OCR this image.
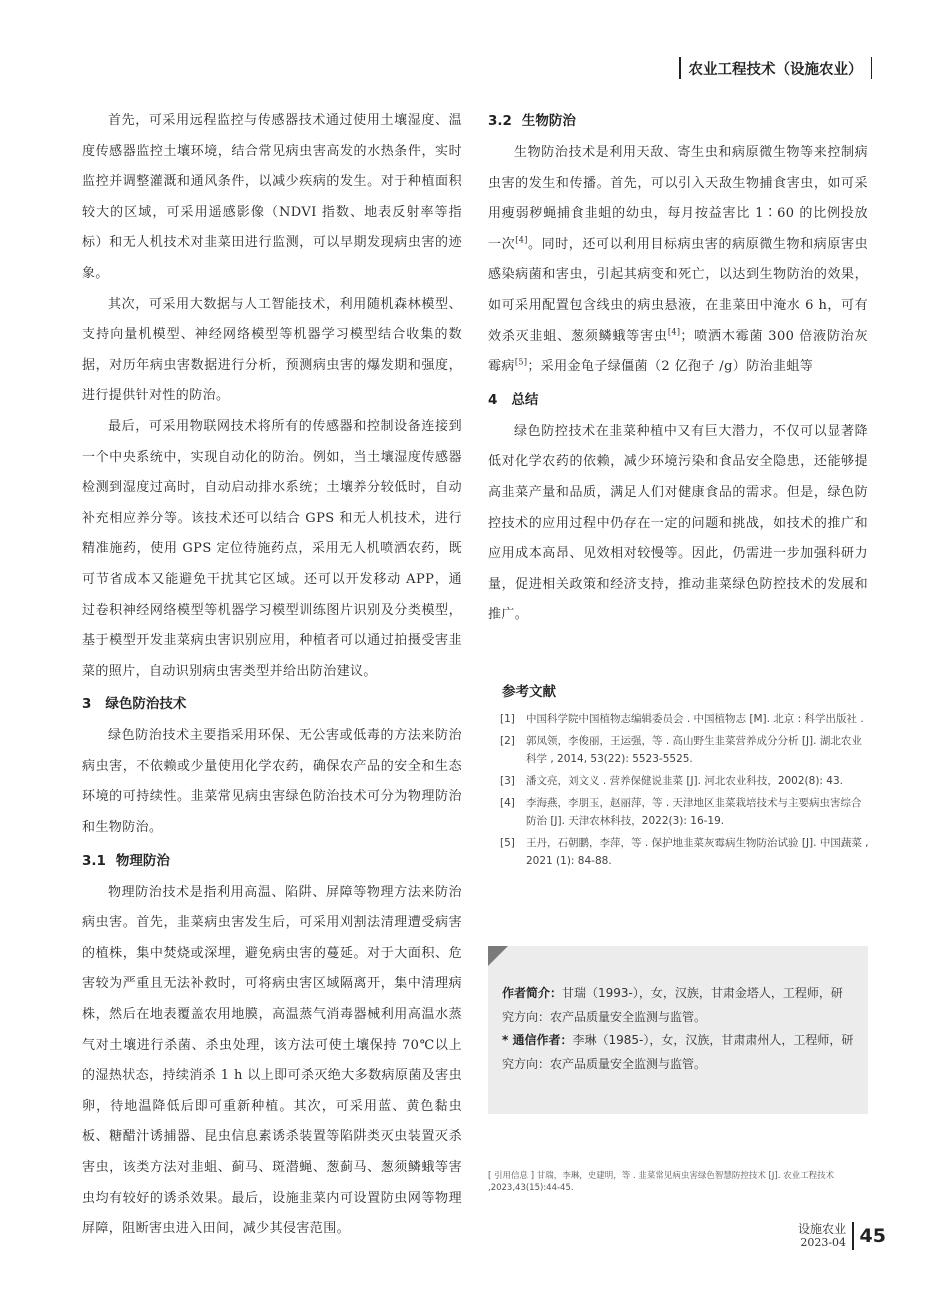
农业工程技术（设施农业）

首先，可采用远程监控与传感器技术通过使用土壤湿度、温度传感器监控土壤环境，结合常见病虫害高发的水热条件，实时监控并调整灌溉和通风条件，以减少疾病的发生。对于种植面积较大的区域，可采用遥感影像（NDVI 指数、地表反射率等指标）和无人机技术对韭菜田进行监测，可以早期发现病虫害的迹象。

其次，可采用大数据与人工智能技术，利用随机森林模型、支持向量机模型、神经网络模型等机器学习模型结合收集的数据，对历年病虫害数据进行分析，预测病虫害的爆发期和强度，进行提供针对性的防治。

最后，可采用物联网技术将所有的传感器和控制设备连接到一个中央系统中，实现自动化的防治。例如，当土壤湿度传感器检测到湿度过高时，自动启动排水系统；土壤养分较低时，自动补充相应养分等。该技术还可以结合 GPS 和无人机技术，进行精准施药，使用 GPS 定位待施药点，采用无人机喷洒农药，既可节省成本又能避免干扰其它区域。还可以开发移动 APP，通过卷积神经网络模型等机器学习模型训练图片识别及分类模型，基于模型开发韭菜病虫害识别应用，种植者可以通过拍摄受害韭菜的照片，自动识别病虫害类型并给出防治建议。

3 绿色防治技术

绿色防治技术主要指采用环保、无公害或低毒的方法来防治病虫害，不依赖或少量使用化学农药，确保农产品的安全和生态环境的可持续性。韭菜常见病虫害绿色防治技术可分为物理防治和生物防治。

3.1 物理防治

物理防治技术是指利用高温、陷阱、屏障等物理方法来防治病虫害。首先，韭菜病虫害发生后，可采用刈割法清理遭受病害的植株，集中焚烧或深埋，避免病虫害的蔓延。对于大面积、危害较为严重且无法补救时，可将病虫害区域隔离开，集中清理病株，然后在地表覆盖农用地膜，高温蒸气消毒器械利用高温水蒸气对土壤进行杀菌、杀虫处理，该方法可使土壤保持 70℃以上的湿热状态，持续消杀 1 h 以上即可杀灭绝大多数病原菌及害虫卵，待地温降低后即可重新种植。其次，可采用蓝、黄色黏虫板、糖醋汁诱捕器、昆虫信息素诱杀装置等陷阱类灭虫装置灭杀害虫，该类方法对韭蛆、蓟马、斑潜蝇、葱蓟马、葱须鳞蛾等害虫均有较好的诱杀效果。最后，设施韭菜内可设置防虫网等物理屏障，阻断害虫进入田间，减少其侵害范围。

3.2 生物防治

生物防治技术是利用天敌、寄生虫和病原微生物等来控制病虫害的发生和传播。首先，可以引入天敌生物捕食害虫，如可采用瘦弱秽蝇捕食韭蛆的幼虫，每月按益害比 1∶60 的比例投放一次[4]。同时，还可以利用目标病虫害的病原微生物和病原害虫感染病菌和害虫，引起其病变和死亡，以达到生物防治的效果，如可采用配置包含线虫的病虫悬液，在韭菜田中淹水 6 h，可有效杀灭韭蛆、葱须鳞蛾等害虫[4]；喷洒木霉菌 300 倍液防治灰霉病[5]；采用金龟子绿僵菌（2 亿孢子 /g）防治韭蛆等

4 总结

绿色防控技术在韭菜种植中又有巨大潜力，不仅可以显著降低对化学农药的依赖，减少环境污染和食品安全隐患，还能够提高韭菜产量和品质，满足人们对健康食品的需求。但是，绿色防控技术的应用过程中仍存在一定的问题和挑战，如技术的推广和应用成本高昂、见效相对较慢等。因此，仍需进一步加强科研力量，促进相关政策和经济支持，推动韭菜绿色防控技术的发展和推广。

参考文献
[1]	中国科学院中国植物志编辑委员会 . 中国植物志 [M]. 北京 : 科学出版社 .
[2]	郭凤领，李俊丽，王运强，等 . 高山野生韭菜营养成分分析 [J]. 湖北农业科学 , 2014, 53(22): 5523-5525.
[3]	潘文亮，刘文义 . 营养保健说韭菜 [J]. 河北农业科技，2002(8): 43.
[4]	李海燕，李朋玉，赵丽萍，等 . 天津地区韭菜栽培技术与主要病虫害综合防治 [J]. 天津农林科技，2022(3): 16-19.
[5]	王丹，石朝鹏，李萍，等 . 保护地韭菜灰霉病生物防治试验 [J]. 中国蔬菜 , 2021 (1): 84-88.
作者简介：甘瑞（1993-），女，汉族，甘肃金塔人，工程师，研究方向：农产品质量安全监测与监管。
* 通信作者：李琳（1985-），女，汉族，甘肃肃州人，工程师，研究方向：农产品质量安全监测与监管。
[ 引用信息 ] 甘瑞，李琳，史建明，等 . 韭菜常见病虫害绿色智慧防控技术 [J]. 农业工程技术 ,2023,43(15):44-45.
设施农业
2023-04 45
